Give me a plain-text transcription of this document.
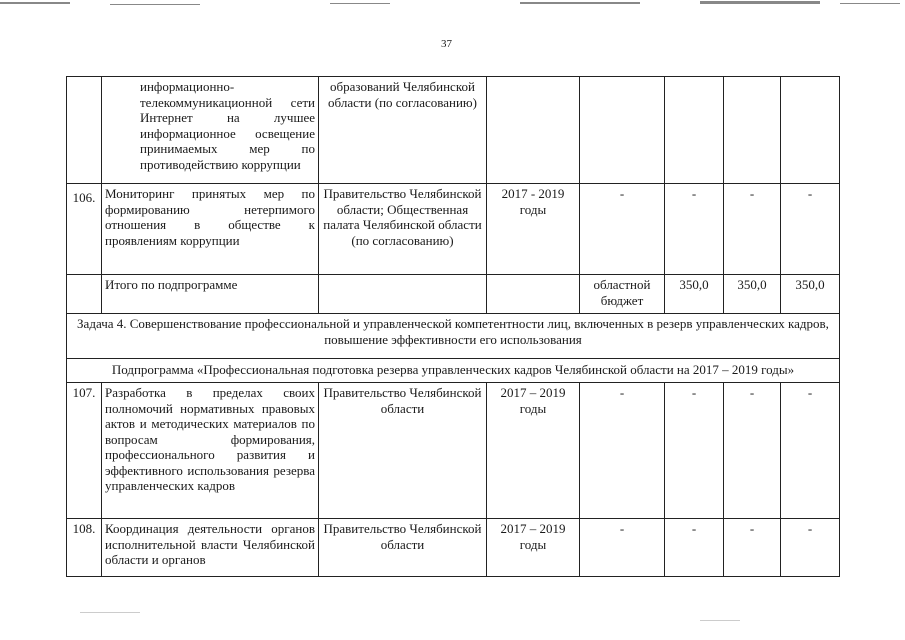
37
	информационно-телекоммуникационной сети Интернет на лучшее информационное освещение принимаемых мер по противодействию коррупции	образований Челябинской области (по согласованию)					
106.	Мониторинг принятых мер по формированию нетерпимого отношения в обществе к проявлениям коррупции	Правительство Челябинской области; Общественная палата Челябинской области (по согласованию)	2017 - 2019 годы	-	-	-	-
	Итого по подпрограмме			областной бюджет	350,0	350,0	350,0
Задача 4. Совершенствование профессиональной и управленческой компетентности лиц, включенных в резерв управленческих кадров, повышение эффективности его использования							
Подпрограмма «Профессиональная подготовка резерва управленческих кадров Челябинской области на 2017 – 2019 годы»							
107.	Разработка в пределах своих полномочий нормативных правовых актов и методических материалов по вопросам формирования, профессионального развития и эффективного использования резерва управленческих кадров	Правительство Челябинской области	2017 – 2019 годы	-	-	-	-
108.	Координация деятельности органов исполнительной власти Челябинской области и органов	Правительство Челябинской области	2017 – 2019 годы	-	-	-	-
